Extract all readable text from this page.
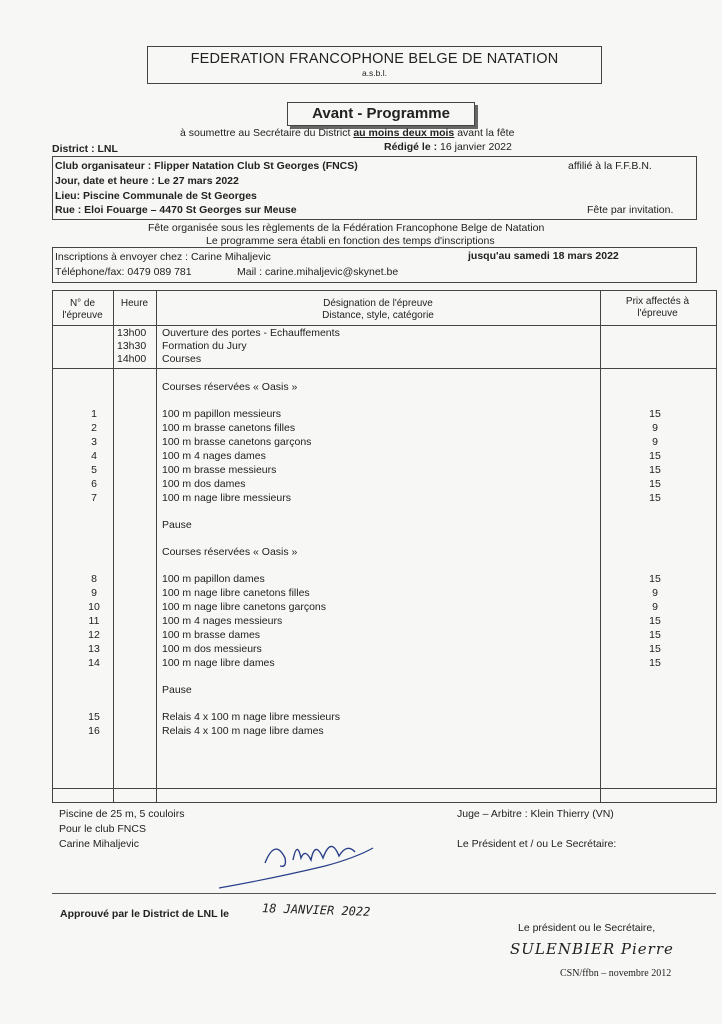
FEDERATION FRANCOPHONE BELGE DE NATATION
a.s.b.l.
Avant - Programme
à soumettre au Secrétaire du District au moins deux mois avant la fête
District : LNL	Rédigé le : 16 janvier 2022
Club organisateur : Flipper Natation Club St Georges (FNCS)	affilié à la F.F.B.N.
Jour, date et heure : Le 27 mars 2022
Lieu: Piscine Communale de St Georges
Rue : Eloi Fouarge – 4470 St Georges sur Meuse	Fête par invitation.
Fête organisée sous les règlements de la Fédération Francophone Belge de Natation
Le programme sera établi en fonction des temps d'inscriptions
Inscriptions à envoyer chez : Carine Mihaljevic	jusqu'au samedi 18 mars 2022
Téléphone/fax: 0479 089 781	Mail : carine.mihaljevic@skynet.be
N° de
l'épreuve
Heure	Désignation de l'épreuve
Distance, style, catégorie
Prix affectés à
l'épreuve
13h00 Ouverture des portes - Echauffements
13h30 Formation du Jury
14h00 Courses
Courses réservées « Oasis »
1	100 m papillon messieurs	15
2	100 m brasse canetons filles	9
3	100 m brasse canetons garçons	9
4	100 m 4 nages dames	15
5	100 m brasse messieurs	15
6	100 m dos dames	15
7	100 m nage libre messieurs	15
Pause
Courses réservées « Oasis »
8	100 m papillon dames	15
9	100 m nage libre canetons filles	9
10	100 m nage libre canetons garçons	9
11	100 m 4 nages messieurs	15
12	100 m brasse dames	15
13	100 m dos messieurs	15
14	100 m nage libre dames	15
Pause
15	Relais 4 x 100 m nage libre messieurs
16	Relais 4 x 100 m nage libre dames
Piscine de 25 m, 5 couloirs
Pour le club FNCS
Carine Mihaljevic
Juge – Arbitre : Klein Thierry (VN)
Le Président et / ou Le Secrétaire:
Approuvé par le District de LNL le	18 JANVIER 2022
Le président ou le Secrétaire,
SULENBIER Pierre
CSN/ffbn – novembre 2012
